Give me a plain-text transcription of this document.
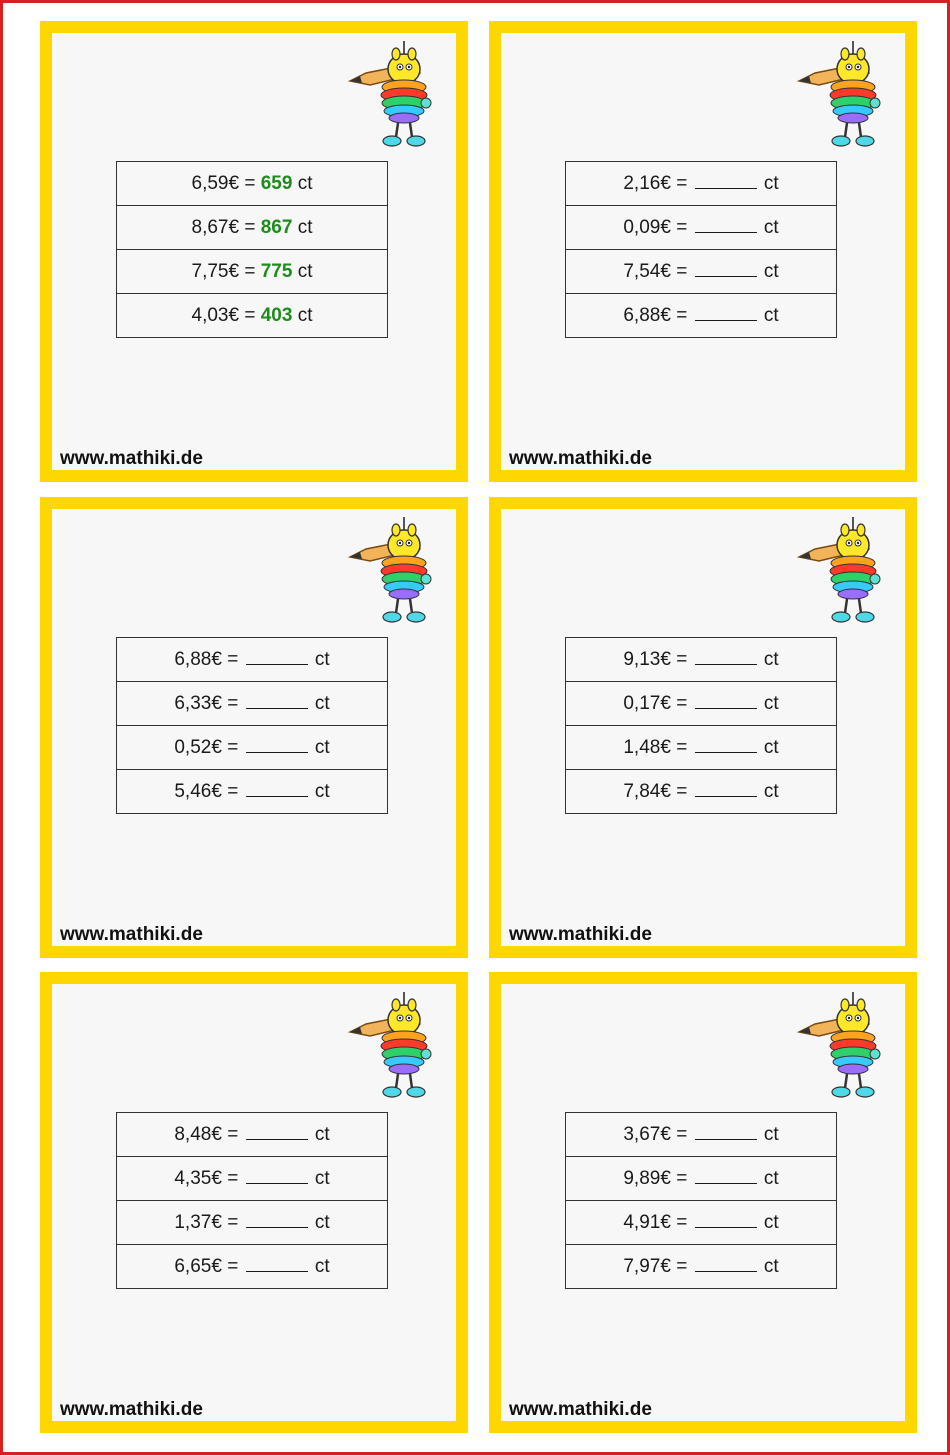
6,59€ = 659 ct
8,67€ = 867 ct
7,75€ = 775 ct
4,03€ = 403 ct
www.mathiki.de
2,16€ =	ct
0,09€ =	ct
7,54€ =	ct
6,88€ =	ct
www.mathiki.de
6,88€ =	ct
6,33€ =	ct
0,52€ =	ct
5,46€ =	ct
www.mathiki.de
9,13€ =	ct
0,17€ =	ct
1,48€ =	ct
7,84€ =	ct
www.mathiki.de
8,48€ =	ct
4,35€ =	ct
1,37€ =	ct
6,65€ =	ct
www.mathiki.de
3,67€ =	ct
9,89€ =	ct
4,91€ =	ct
7,97€ =	ct
www.mathiki.de
